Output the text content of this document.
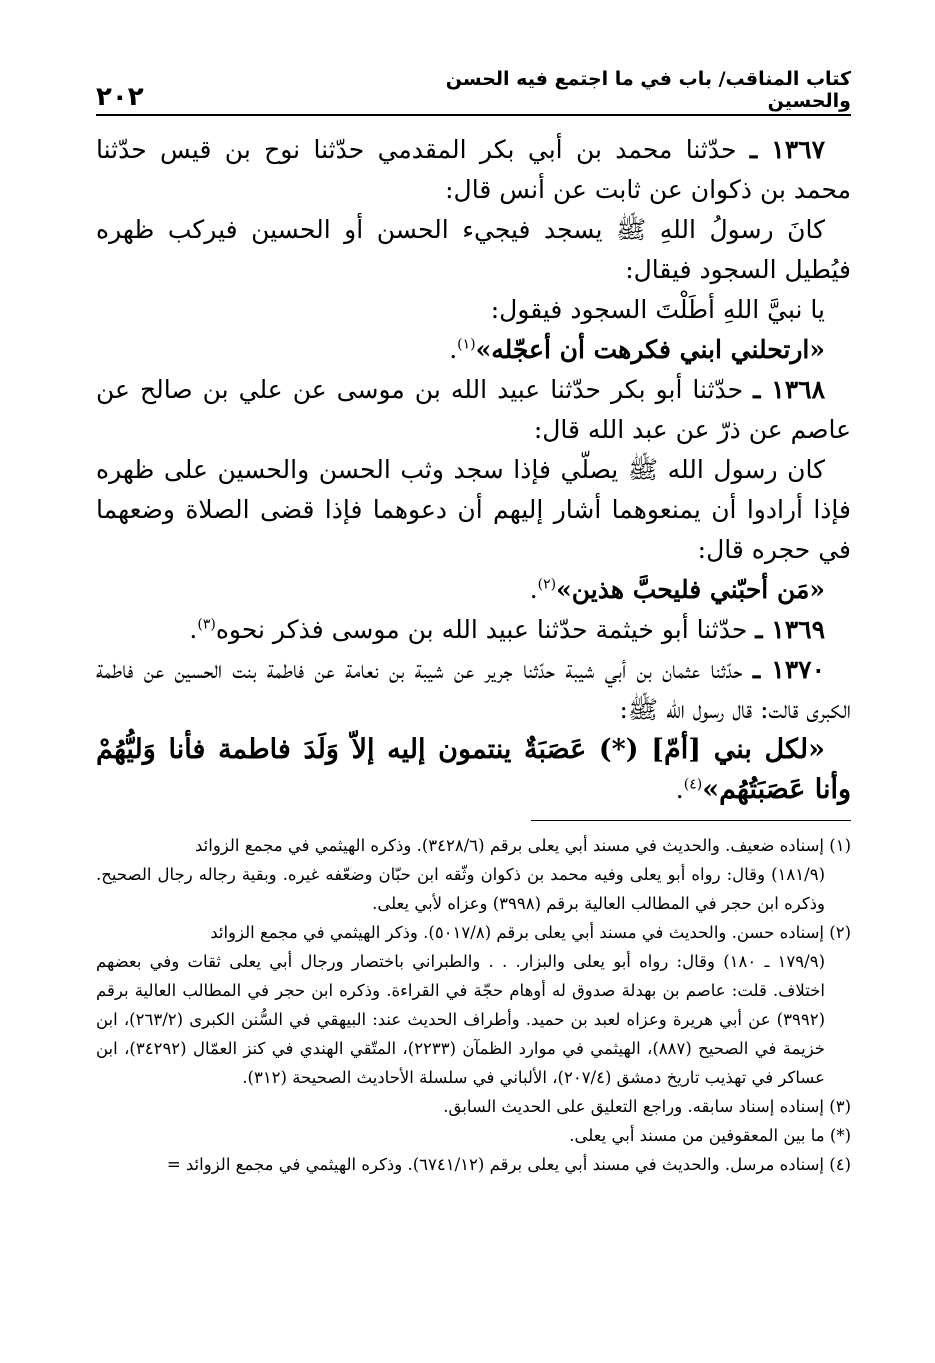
كتاب المناقب/ باب في ما اجتمع فيه الحسن والحسين
٢٠٢

١٣٦٧ ـ حدّثنا محمد بن أبي بكر المقدمي حدّثنا نوح بن قيس حدّثنا محمد بن ذكوان عن ثابت عن أنس قال:

كانَ رسولُ اللهِ ﷺ يسجد فيجيء الحسن أو الحسين فيركب ظهره فيُطيل السجود فيقال:

يا نبيَّ اللهِ أطَلْتَ السجود فيقول:

«ارتحلني ابني فكرهت أن أعجّله»$^{(١)}$.

١٣٦٨ ـ حدّثنا أبو بكر حدّثنا عبيد الله بن موسى عن علي بن صالح عن عاصم عن ذرّ عن عبد الله قال:

كان رسول الله ﷺ يصلّي فإذا سجد وثب الحسن والحسين على ظهره فإذا أرادوا أن يمنعوهما أشار إليهم أن دعوهما فإذا قضى الصلاة وضعهما في حجره قال:

«مَن أحبّني فليحبَّ هذين»$^{(٢)}$.

١٣٦٩ ـ حدّثنا أبو خيثمة حدّثنا عبيد الله بن موسى فذكر نحوه$^{(٣)}$.

١٣٧٠ ـ حدّثنا عثمان بن أبي شيبة حدّثنا جرير عن شيبة بن نعامة عن فاطمة بنت الحسين عن فاطمة الكبرى قالت: قال رسول الله ﷺ:

«لكل بني [أمّ] (*) عَصَبَةٌ ينتمون إليه إلاّ وَلَدَ فاطمة فأنا وَليُّهُمْ وأنا عَصَبَتُهُم»$^{(٤)}$.

(١) إسناده ضعيف. والحديث في مسند أبي يعلى برقم (٣٤٢٨/٦). وذكره الهيثمي في مجمع الزوائد

(١٨١/٩) وقال: رواه أبو يعلى وفيه محمد بن ذكوان وثّقه ابن حبّان وضعّفه غيره. وبقية رجاله رجال الصحيح. وذكره ابن حجر في المطالب العالية برقم (٣٩٩٨) وعزاه لأبي يعلى.

(٢) إسناده حسن. والحديث في مسند أبي يعلى برقم (٥٠١٧/٨). وذكر الهيثمي في مجمع الزوائد

(١٧٩/٩ ـ ١٨٠) وقال: رواه أبو يعلى والبزار. . . والطبراني باختصار ورجال أبي يعلى ثقات وفي بعضهم اختلاف. قلت: عاصم بن بهدلة صدوق له أوهام حجّة في القراءة. وذكره ابن حجر في المطالب العالية برقم (٣٩٩٢) عن أبي هريرة وعزاه لعبد بن حميد. وأطراف الحديث عند: البيهقي في السُّنن الكبرى (٢٦٣/٢)، ابن خزيمة في الصحيح (٨٨٧)، الهيثمي في موارد الظمآن (٢٢٣٣)، المتّقي الهندي في كنز العمّال (٣٤٢٩٢)، ابن عساكر في تهذيب تاريخ دمشق (٢٠٧/٤)، الألباني في سلسلة الأحاديث الصحيحة (٣١٢).

(٣) إسناده إسناد سابقه. وراجع التعليق على الحديث السابق.

(*) ما بين المعقوفين من مسند أبي يعلى.

(٤) إسناده مرسل. والحديث في مسند أبي يعلى برقم (٦٧٤١/١٢). وذكره الهيثمي في مجمع الزوائد =
